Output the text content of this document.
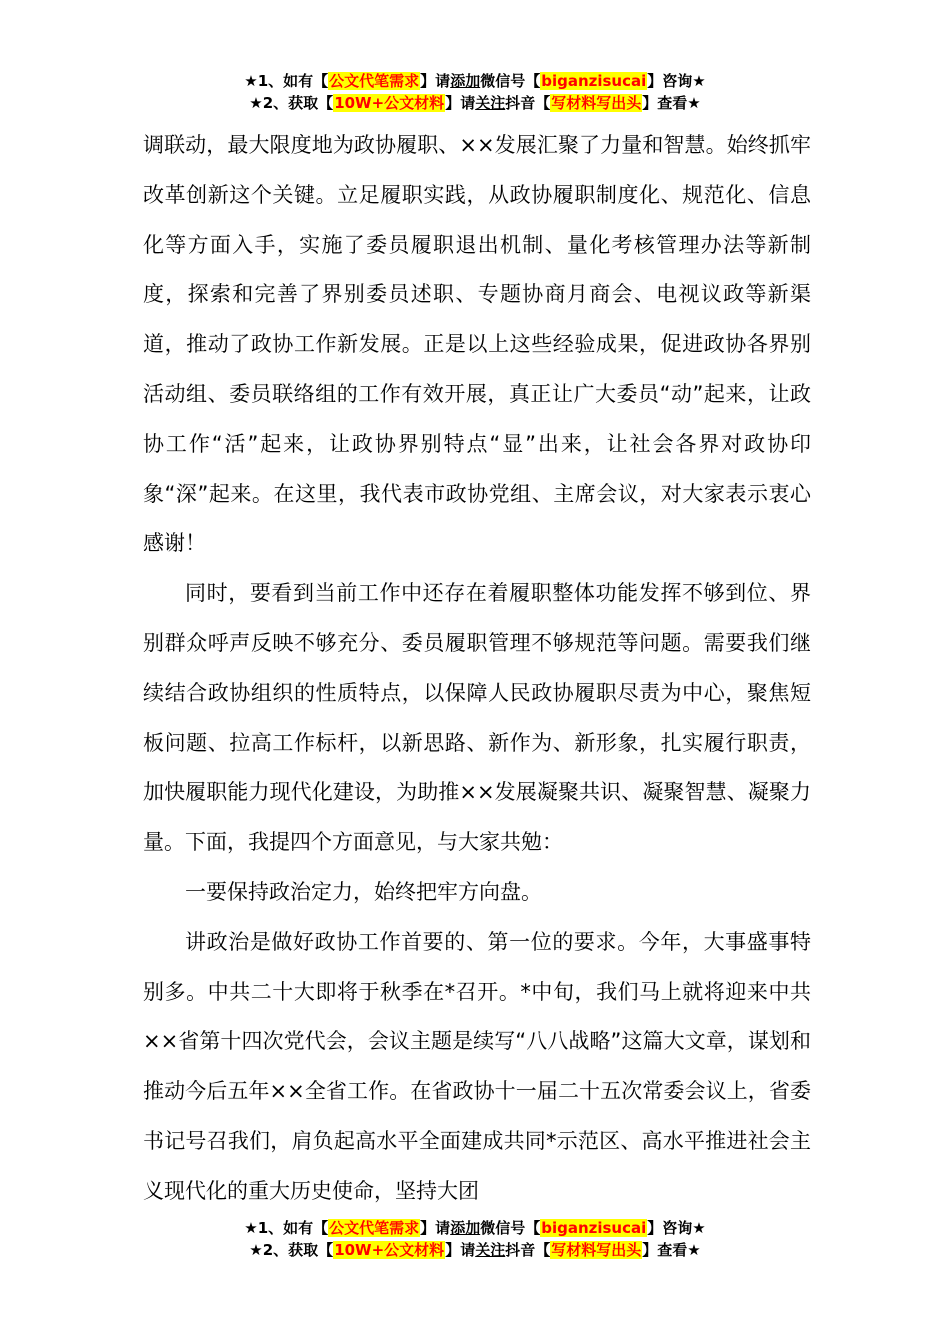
★1、如有【公文代笔需求】请添加微信号【biganzisucai】咨询★
★2、获取【10W+公文材料】请关注抖音【写材料写出头】查看★

调联动，最大限度地为政协履职、××发展汇聚了力量和智慧。始终抓牢改革创新这个关键。立足履职实践，从政协履职制度化、规范化、信息化等方面入手，实施了委员履职退出机制、量化考核管理办法等新制度，探索和完善了界别委员述职、专题协商月商会、电视议政等新渠道，推动了政协工作新发展。正是以上这些经验成果，促进政协各界别活动组、委员联络组的工作有效开展，真正让广大委员“动”起来，让政协工作“活”起来，让政协界别特点“显”出来，让社会各界对政协印象“深”起来。在这里，我代表市政协党组、主席会议，对大家表示衷心感谢！

同时，要看到当前工作中还存在着履职整体功能发挥不够到位、界别群众呼声反映不够充分、委员履职管理不够规范等问题。需要我们继续结合政协组织的性质特点，以保障人民政协履职尽责为中心，聚焦短板问题、拉高工作标杆，以新思路、新作为、新形象，扎实履行职责，加快履职能力现代化建设，为助推××发展凝聚共识、凝聚智慧、凝聚力量。下面，我提四个方面意见，与大家共勉：

一要保持政治定力，始终把牢方向盘。

讲政治是做好政协工作首要的、第一位的要求。今年，大事盛事特别多。中共二十大即将于秋季在*召开。*中旬，我们马上就将迎来中共××省第十四次党代会，会议主题是续写“八八战略”这篇大文章，谋划和推动今后五年××全省工作。在省政协十一届二十五次常委会议上，省委书记号召我们，肩负起高水平全面建成共同*示范区、高水平推进社会主义现代化的重大历史使命，坚持大团

★1、如有【公文代笔需求】请添加微信号【biganzisucai】咨询★
★2、获取【10W+公文材料】请关注抖音【写材料写出头】查看★
